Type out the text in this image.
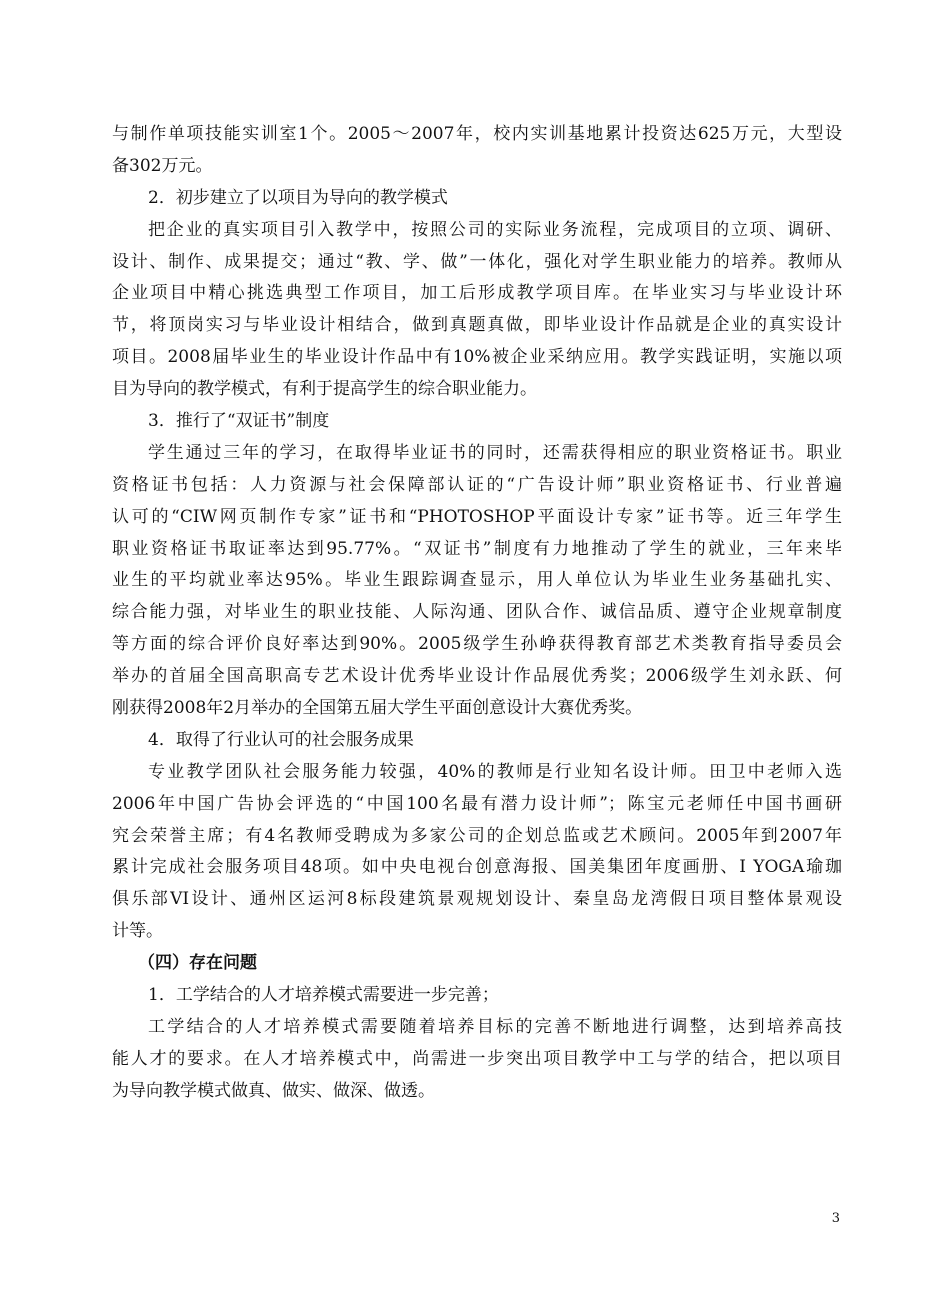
与制作单项技能实训室1个。2005～2007年，校内实训基地累计投资达625万元，大型设
备302万元。
2．初步建立了以项目为导向的教学模式
把企业的真实项目引入教学中，按照公司的实际业务流程，完成项目的立项、调研、
设计、制作、成果提交；通过“教、学、做”一体化，强化对学生职业能力的培养。教师从
企业项目中精心挑选典型工作项目，加工后形成教学项目库。在毕业实习与毕业设计环
节，将顶岗实习与毕业设计相结合，做到真题真做，即毕业设计作品就是企业的真实设计
项目。2008届毕业生的毕业设计作品中有10%被企业采纳应用。教学实践证明，实施以项
目为导向的教学模式，有利于提高学生的综合职业能力。
3．推行了“双证书”制度
学生通过三年的学习，在取得毕业证书的同时，还需获得相应的职业资格证书。职业
资格证书包括：人力资源与社会保障部认证的“广告设计师”职业资格证书、行业普遍
认可的“CIW网页制作专家”证书和“PHOTOSHOP平面设计专家”证书等。近三年学生
职业资格证书取证率达到95.77%。“双证书”制度有力地推动了学生的就业，三年来毕
业生的平均就业率达95%。毕业生跟踪调查显示，用人单位认为毕业生业务基础扎实、
综合能力强，对毕业生的职业技能、人际沟通、团队合作、诚信品质、遵守企业规章制度
等方面的综合评价良好率达到90%。2005级学生孙峥获得教育部艺术类教育指导委员会
举办的首届全国高职高专艺术设计优秀毕业设计作品展优秀奖；2006级学生刘永跃、何
刚获得2008年2月举办的全国第五届大学生平面创意设计大赛优秀奖。
4．取得了行业认可的社会服务成果
专业教学团队社会服务能力较强，40%的教师是行业知名设计师。田卫中老师入选
2006年中国广告协会评选的“中国100名最有潜力设计师”；陈宝元老师任中国书画研
究会荣誉主席；有4名教师受聘成为多家公司的企划总监或艺术顾问。2005年到2007年
累计完成社会服务项目48项。如中央电视台创意海报、国美集团年度画册、I YOGA瑜珈
俱乐部VI设计、通州区运河8标段建筑景观规划设计、秦皇岛龙湾假日项目整体景观设
计等。
（四）存在问题
1．工学结合的人才培养模式需要进一步完善；
工学结合的人才培养模式需要随着培养目标的完善不断地进行调整，达到培养高技
能人才的要求。在人才培养模式中，尚需进一步突出项目教学中工与学的结合，把以项目
为导向教学模式做真、做实、做深、做透。
3
